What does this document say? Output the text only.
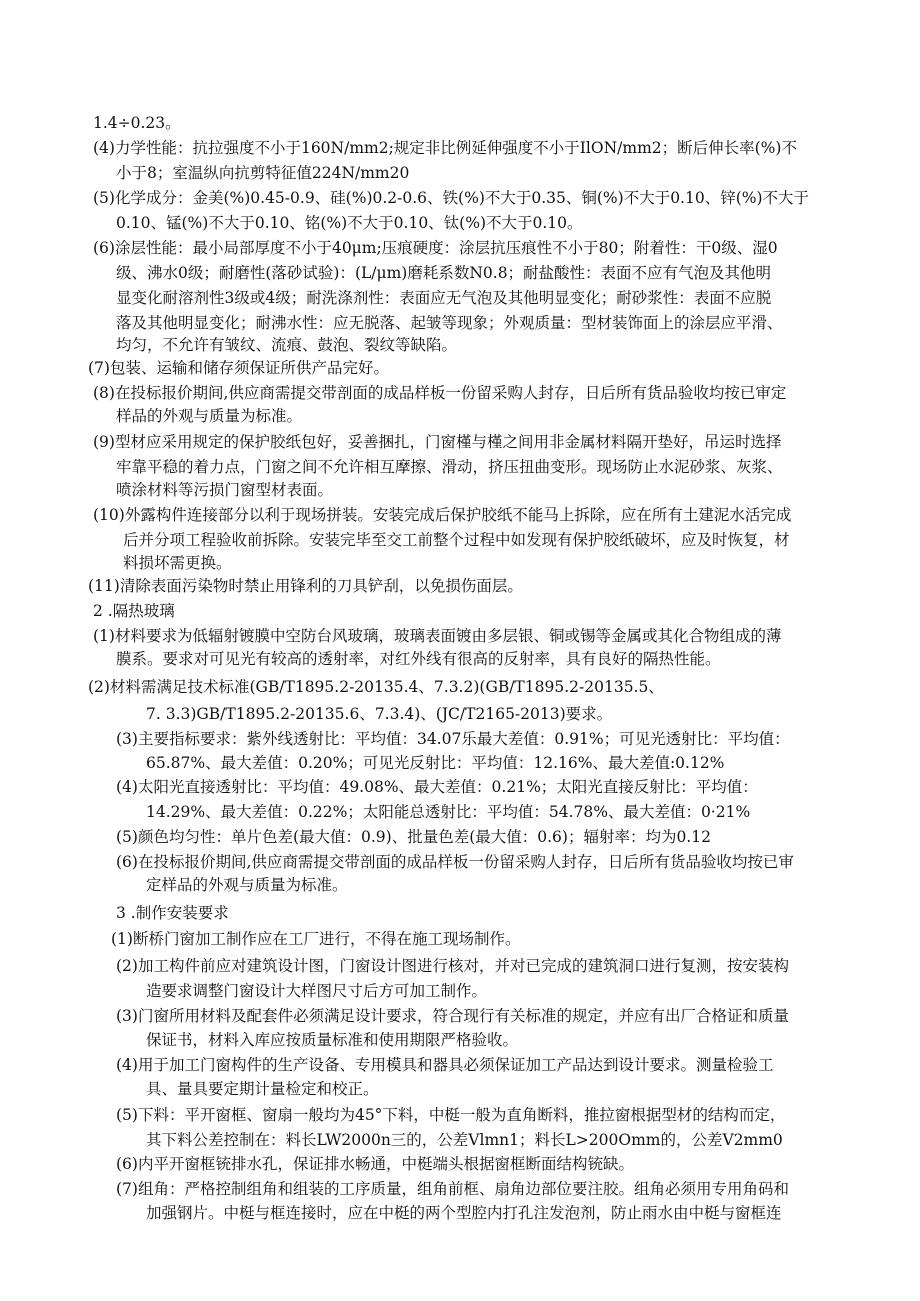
1.4÷0.23。
(4)力学性能：抗拉强度不小于160N/mm2;规定非比例延伸强度不小于IlON/mm2；断后伸长率(%)不
小于8；室温纵向抗剪特征值224N/mm20
(5)化学成分：金美(%)0.45-0.9、硅(%)0.2-0.6、铁(%)不大于0.35、铜(%)不大于0.10、锌(%)不大于
0.10、锰(%)不大于0.10、铭(%)不大于0.10、钛(%)不大于0.10。
(6)涂层性能：最小局部厚度不小于40μm;压痕硬度：涂层抗压痕性不小于80；附着性：干0级、湿0
级、沸水0级；耐磨性(落砂试验)：(L/μm)磨耗系数N0.8；耐盐酸性：表面不应有气泡及其他明
显变化耐溶剂性3级或4级；耐洗涤剂性：表面应无气泡及其他明显变化；耐砂浆性：表面不应脱
落及其他明显变化；耐沸水性：应无脱落、起皱等现象；外观质量：型材装饰面上的涂层应平滑、
均匀，不允许有皱纹、流痕、鼓泡、裂纹等缺陷。
(7)包装、运输和储存须保证所供产品完好。
(8)在投标报价期间,供应商需提交带剖面的成品样板一份留采购人封存，日后所有货品验收均按已审定
样品的外观与质量为标准。
(9)型材应采用规定的保护胶纸包好，妥善捆扎，门窗槿与槿之间用非金属材料隔开垫好，吊运时选择
牢靠平稳的着力点，门窗之间不允许相互摩擦、滑动，挤压扭曲变形。现场防止水泥砂浆、灰浆、
喷涂材料等污损门窗型材表面。
(10)外露构件连接部分以利于现场拼装。安装完成后保护胶纸不能马上拆除，应在所有土建泥水活完成
后并分项工程验收前拆除。安装完毕至交工前整个过程中如发现有保护胶纸破坏，应及时恢复，材
料损坏需更换。
(11)清除表面污染物时禁止用锋利的刀具铲刮，以免损伤面层。
2 .隔热玻璃
(1)材料要求为低辐射镀膜中空防台风玻璃，玻璃表面镀由多层银、铜或锡等金属或其化合物组成的薄
膜系。要求对可见光有较高的透射率，对红外线有很高的反射率，具有良好的隔热性能。
(2)材料需满足技术标准(GB/T1895.2-20135.4、7.3.2)(GB/T1895.2-20135.5、
7. 3.3)GB/T1895.2-20135.6、7.3.4)、(JC/T2165-2013)要求。
(3)主要指标要求：紫外线透射比：平均值：34.07乐最大差值：0.91%；可见光透射比：平均值：
65.87%、最大差值：0.20%；可见光反射比：平均值：12.16%、最大差值:0.12%
(4)太阳光直接透射比：平均值：49.08%、最大差值：0.21%；太阳光直接反射比：平均值：
14.29%、最大差值：0.22%；太阳能总透射比：平均值：54.78%、最大差值：0·21%
(5)颜色均匀性：单片色差(最大值：0.9)、批量色差(最大值：0.6)；辐射率：均为0.12
(6)在投标报价期间,供应商需提交带剖面的成品样板一份留采购人封存，日后所有货品验收均按已审
定样品的外观与质量为标准。
3 .制作安装要求
(1)断桥门窗加工制作应在工厂进行，不得在施工现场制作。
(2)加工构件前应对建筑设计图，门窗设计图进行核对，并对已完成的建筑洞口进行复测，按安装构
造要求调整门窗设计大样图尺寸后方可加工制作。
(3)门窗所用材料及配套件必须满足设计要求，符合现行有关标准的规定，并应有出厂合格证和质量
保证书，材料入库应按质量标准和使用期限严格验收。
(4)用于加工门窗构件的生产设备、专用模具和器具必须保证加工产品达到设计要求。测量检验工
具、量具要定期计量检定和校正。
(5)下料：平开窗框、窗扇一般均为45°下料，中梃一般为直角断料，推拉窗根据型材的结构而定，
其下料公差控制在：料长LW2000n三的，公差Vlmn1；料长L>200Omm的，公差V2mm0
(6)内平开窗框铳排水孔，保证排水畅通，中梃端头根据窗框断面结构铳缺。
(7)组角：严格控制组角和组装的工序质量，组角前框、扇角边部位要注胶。组角必须用专用角码和
加强钢片。中梃与框连接时，应在中梃的两个型腔内打孔注发泡剂，防止雨水由中梃与窗框连
